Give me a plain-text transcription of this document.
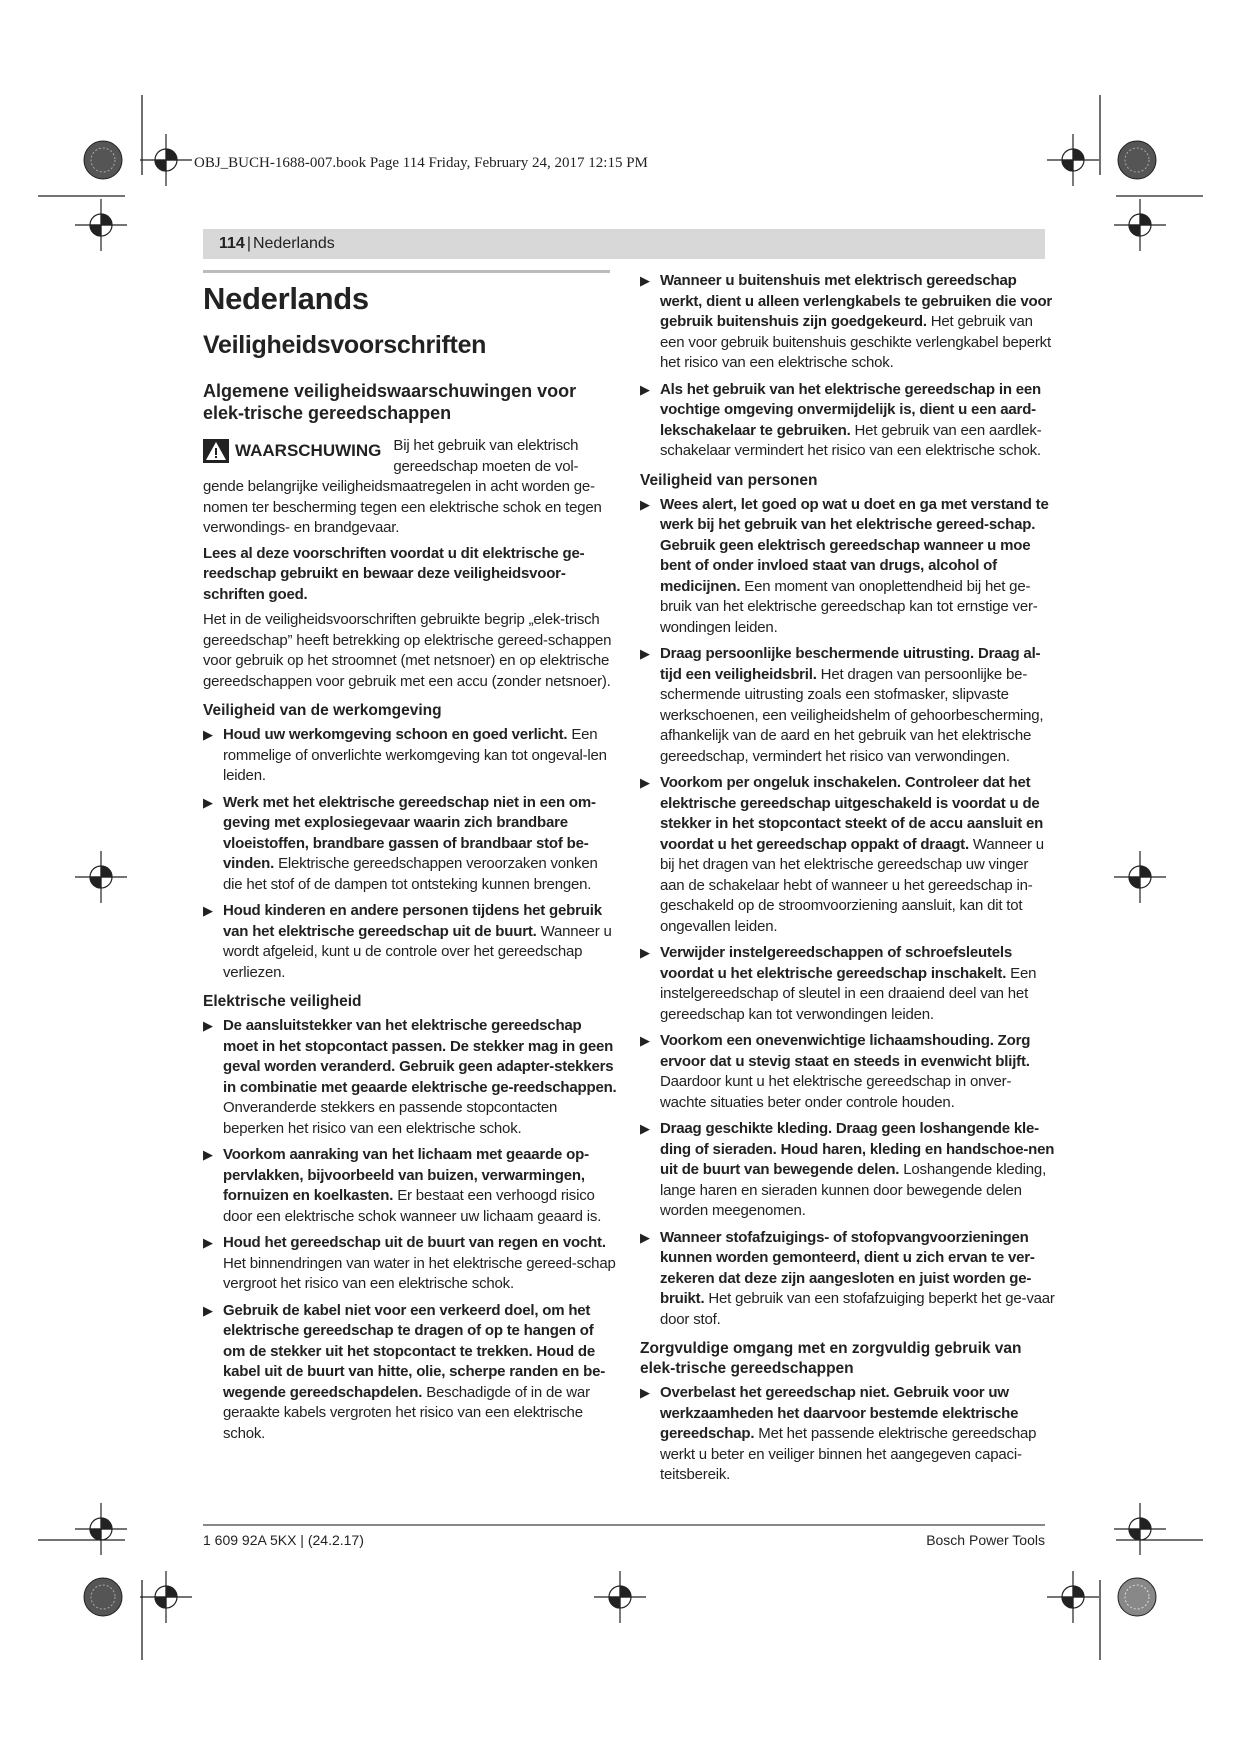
OBJ_BUCH-1688-007.book Page 114 Friday, February 24, 2017 12:15 PM
114 | Nederlands
Nederlands
Veiligheidsvoorschriften
Algemene veiligheidswaarschuwingen voor elek-trische gereedschappen
WAARSCHUWING Bij het gebruik van elektrisch gereedschap moeten de vol-gende belangrijke veiligheidsmaatregelen in acht worden ge-nomen ter bescherming tegen een elektrische schok en tegen verwondings- en brandgevaar.

Lees al deze voorschriften voordat u dit elektrische ge-reedschap gebruikt en bewaar deze veiligheidsvoor-schriften goed.

Het in de veiligheidsvoorschriften gebruikte begrip „elek-trisch gereedschap” heeft betrekking op elektrische gereed-schappen voor gebruik op het stroomnet (met netsnoer) en op elektrische gereedschappen voor gebruik met een accu (zonder netsnoer).

Veiligheid van de werkomgeving
▶ Houd uw werkomgeving schoon en goed verlicht. Een rommelige of onverlichte werkomgeving kan tot ongeval-len leiden.
▶ Werk met het elektrische gereedschap niet in een om-geving met explosiegevaar waarin zich brandbare vloeistoffen, brandbare gassen of brandbaar stof be-vinden. Elektrische gereedschappen veroorzaken vonken die het stof of de dampen tot ontsteking kunnen brengen.
▶ Houd kinderen en andere personen tijdens het gebruik van het elektrische gereedschap uit de buurt. Wanneer u wordt afgeleid, kunt u de controle over het gereedschap verliezen.
Elektrische veiligheid
▶ De aansluitstekker van het elektrische gereedschap moet in het stopcontact passen. De stekker mag in geen geval worden veranderd. Gebruik geen adapter-stekkers in combinatie met geaarde elektrische ge-reedschappen. Onveranderde stekkers en passende stopcontacten beperken het risico van een elektrische schok.
▶ Voorkom aanraking van het lichaam met geaarde op-pervlakken, bijvoorbeeld van buizen, verwarmingen, fornuizen en koelkasten. Er bestaat een verhoogd risico door een elektrische schok wanneer uw lichaam geaard is.
▶ Houd het gereedschap uit de buurt van regen en vocht. Het binnendringen van water in het elektrische gereed-schap vergroot het risico van een elektrische schok.
▶ Gebruik de kabel niet voor een verkeerd doel, om het elektrische gereedschap te dragen of op te hangen of om de stekker uit het stopcontact te trekken. Houd de kabel uit de buurt van hitte, olie, scherpe randen en be-wegende gereedschapdelen. Beschadigde of in de war geraakte kabels vergroten het risico van een elektrische schok.
▶ Wanneer u buitenshuis met elektrisch gereedschap werkt, dient u alleen verlengkabels te gebruiken die voor gebruik buitenshuis zijn goedgekeurd. Het gebruik van een voor gebruik buitenshuis geschikte verlengkabel beperkt het risico van een elektrische schok.
▶ Als het gebruik van het elektrische gereedschap in een vochtige omgeving onvermijdelijk is, dient u een aard-lekschakelaar te gebruiken. Het gebruik van een aardlek-schakelaar vermindert het risico van een elektrische schok.
Veiligheid van personen
▶ Wees alert, let goed op wat u doet en ga met verstand te werk bij het gebruik van het elektrische gereed-schap. Gebruik geen elektrisch gereedschap wanneer u moe bent of onder invloed staat van drugs, alcohol of medicijnen. Een moment van onoplettendheid bij het ge-bruik van het elektrische gereedschap kan tot ernstige ver-wondingen leiden.
▶ Draag persoonlijke beschermende uitrusting. Draag al-tijd een veiligheidsbril. Het dragen van persoonlijke be-schermende uitrusting zoals een stofmasker, slipvaste werkschoenen, een veiligheidshelm of gehoorbescherming, afhankelijk van de aard en het gebruik van het elektrische gereedschap, vermindert het risico van verwondingen.
▶ Voorkom per ongeluk inschakelen. Controleer dat het elektrische gereedschap uitgeschakeld is voordat u de stekker in het stopcontact steekt of de accu aansluit en voordat u het gereedschap oppakt of draagt. Wanneer u bij het dragen van het elektrische gereedschap uw vinger aan de schakelaar hebt of wanneer u het gereedschap in-geschakeld op de stroomvoorziening aansluit, kan dit tot ongevallen leiden.
▶ Verwijder instelgereedschappen of schroefsleutels voordat u het elektrische gereedschap inschakelt. Een instelgereedschap of sleutel in een draaiend deel van het gereedschap kan tot verwondingen leiden.
▶ Voorkom een onevenwichtige lichaamshouding. Zorg ervoor dat u stevig staat en steeds in evenwicht blijft. Daardoor kunt u het elektrische gereedschap in onver-wachte situaties beter onder controle houden.
▶ Draag geschikte kleding. Draag geen loshangende kle-ding of sieraden. Houd haren, kleding en handschoe-nen uit de buurt van bewegende delen. Loshangende kleding, lange haren en sieraden kunnen door bewegende delen worden meegenomen.
▶ Wanneer stofafzuigings- of stofopvangvoorzieningen kunnen worden gemonteerd, dient u zich ervan te ver-zekeren dat deze zijn aangesloten en juist worden ge-bruikt. Het gebruik van een stofafzuiging beperkt het ge-vaar door stof.
Zorgvuldige omgang met en zorgvuldig gebruik van elek-trische gereedschappen
▶ Overbelast het gereedschap niet. Gebruik voor uw werkzaamheden het daarvoor bestemde elektrische gereedschap. Met het passende elektrische gereedschap werkt u beter en veiliger binnen het aangegeven capaci-teitsbereik.
1 609 92A 5KX | (24.2.17)	Bosch Power Tools
